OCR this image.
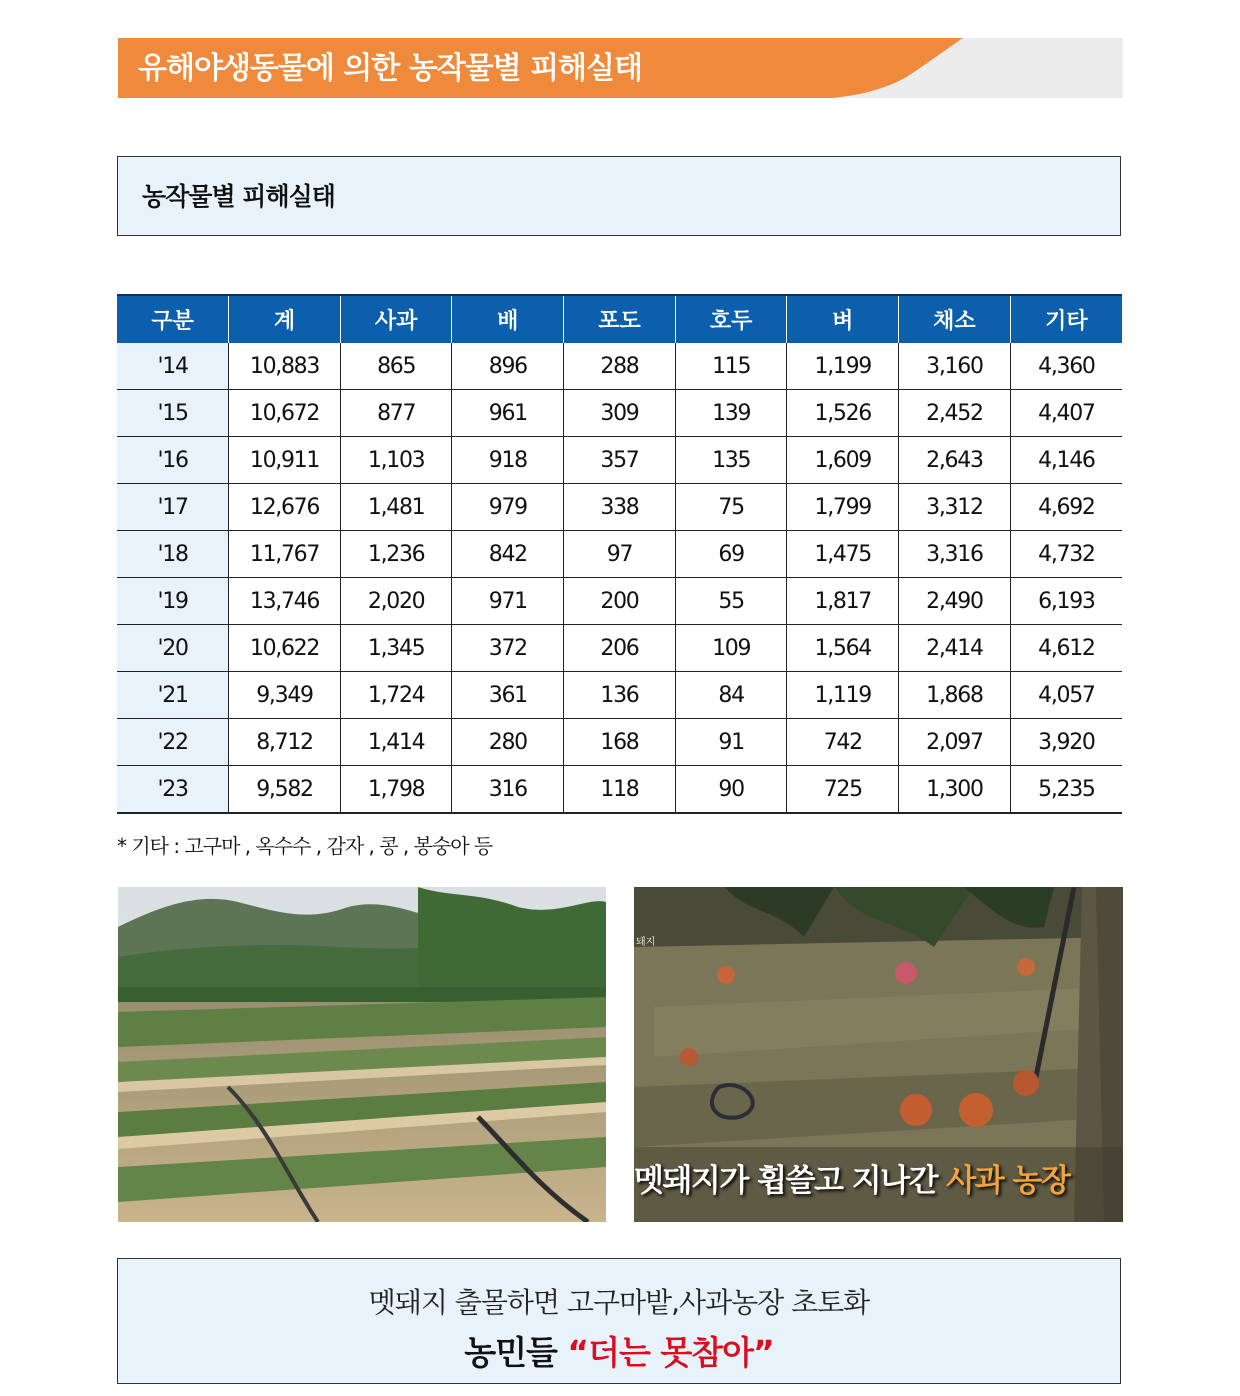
유해야생동물에 의한 농작물별 피해실태
농작물별 피해실태
구분	계	사과	배	포도	호두	벼	채소	기타
'14	10,883	865	896	288	115	1,199	3,160	4,360
'15	10,672	877	961	309	139	1,526	2,452	4,407
'16	10,911	1,103	918	357	135	1,609	2,643	4,146
'17	12,676	1,481	979	338	75	1,799	3,312	4,692
'18	11,767	1,236	842	97	69	1,475	3,316	4,732
'19	13,746	2,020	971	200	55	1,817	2,490	6,193
'20	10,622	1,345	372	206	109	1,564	2,414	4,612
'21	9,349	1,724	361	136	84	1,119	1,868	4,057
'22	8,712	1,414	280	168	91	742	2,097	3,920
'23	9,582	1,798	316	118	90	725	1,300	5,235
* 기타 : 고구마 , 옥수수 , 감자 , 콩 , 봉숭아 등
돼지
멧돼지가 휩쓸고 지나간 사과 농장
멧돼지 출몰하면 고구마밭,사과농장 초토화
농민들 “더는 못참아”
